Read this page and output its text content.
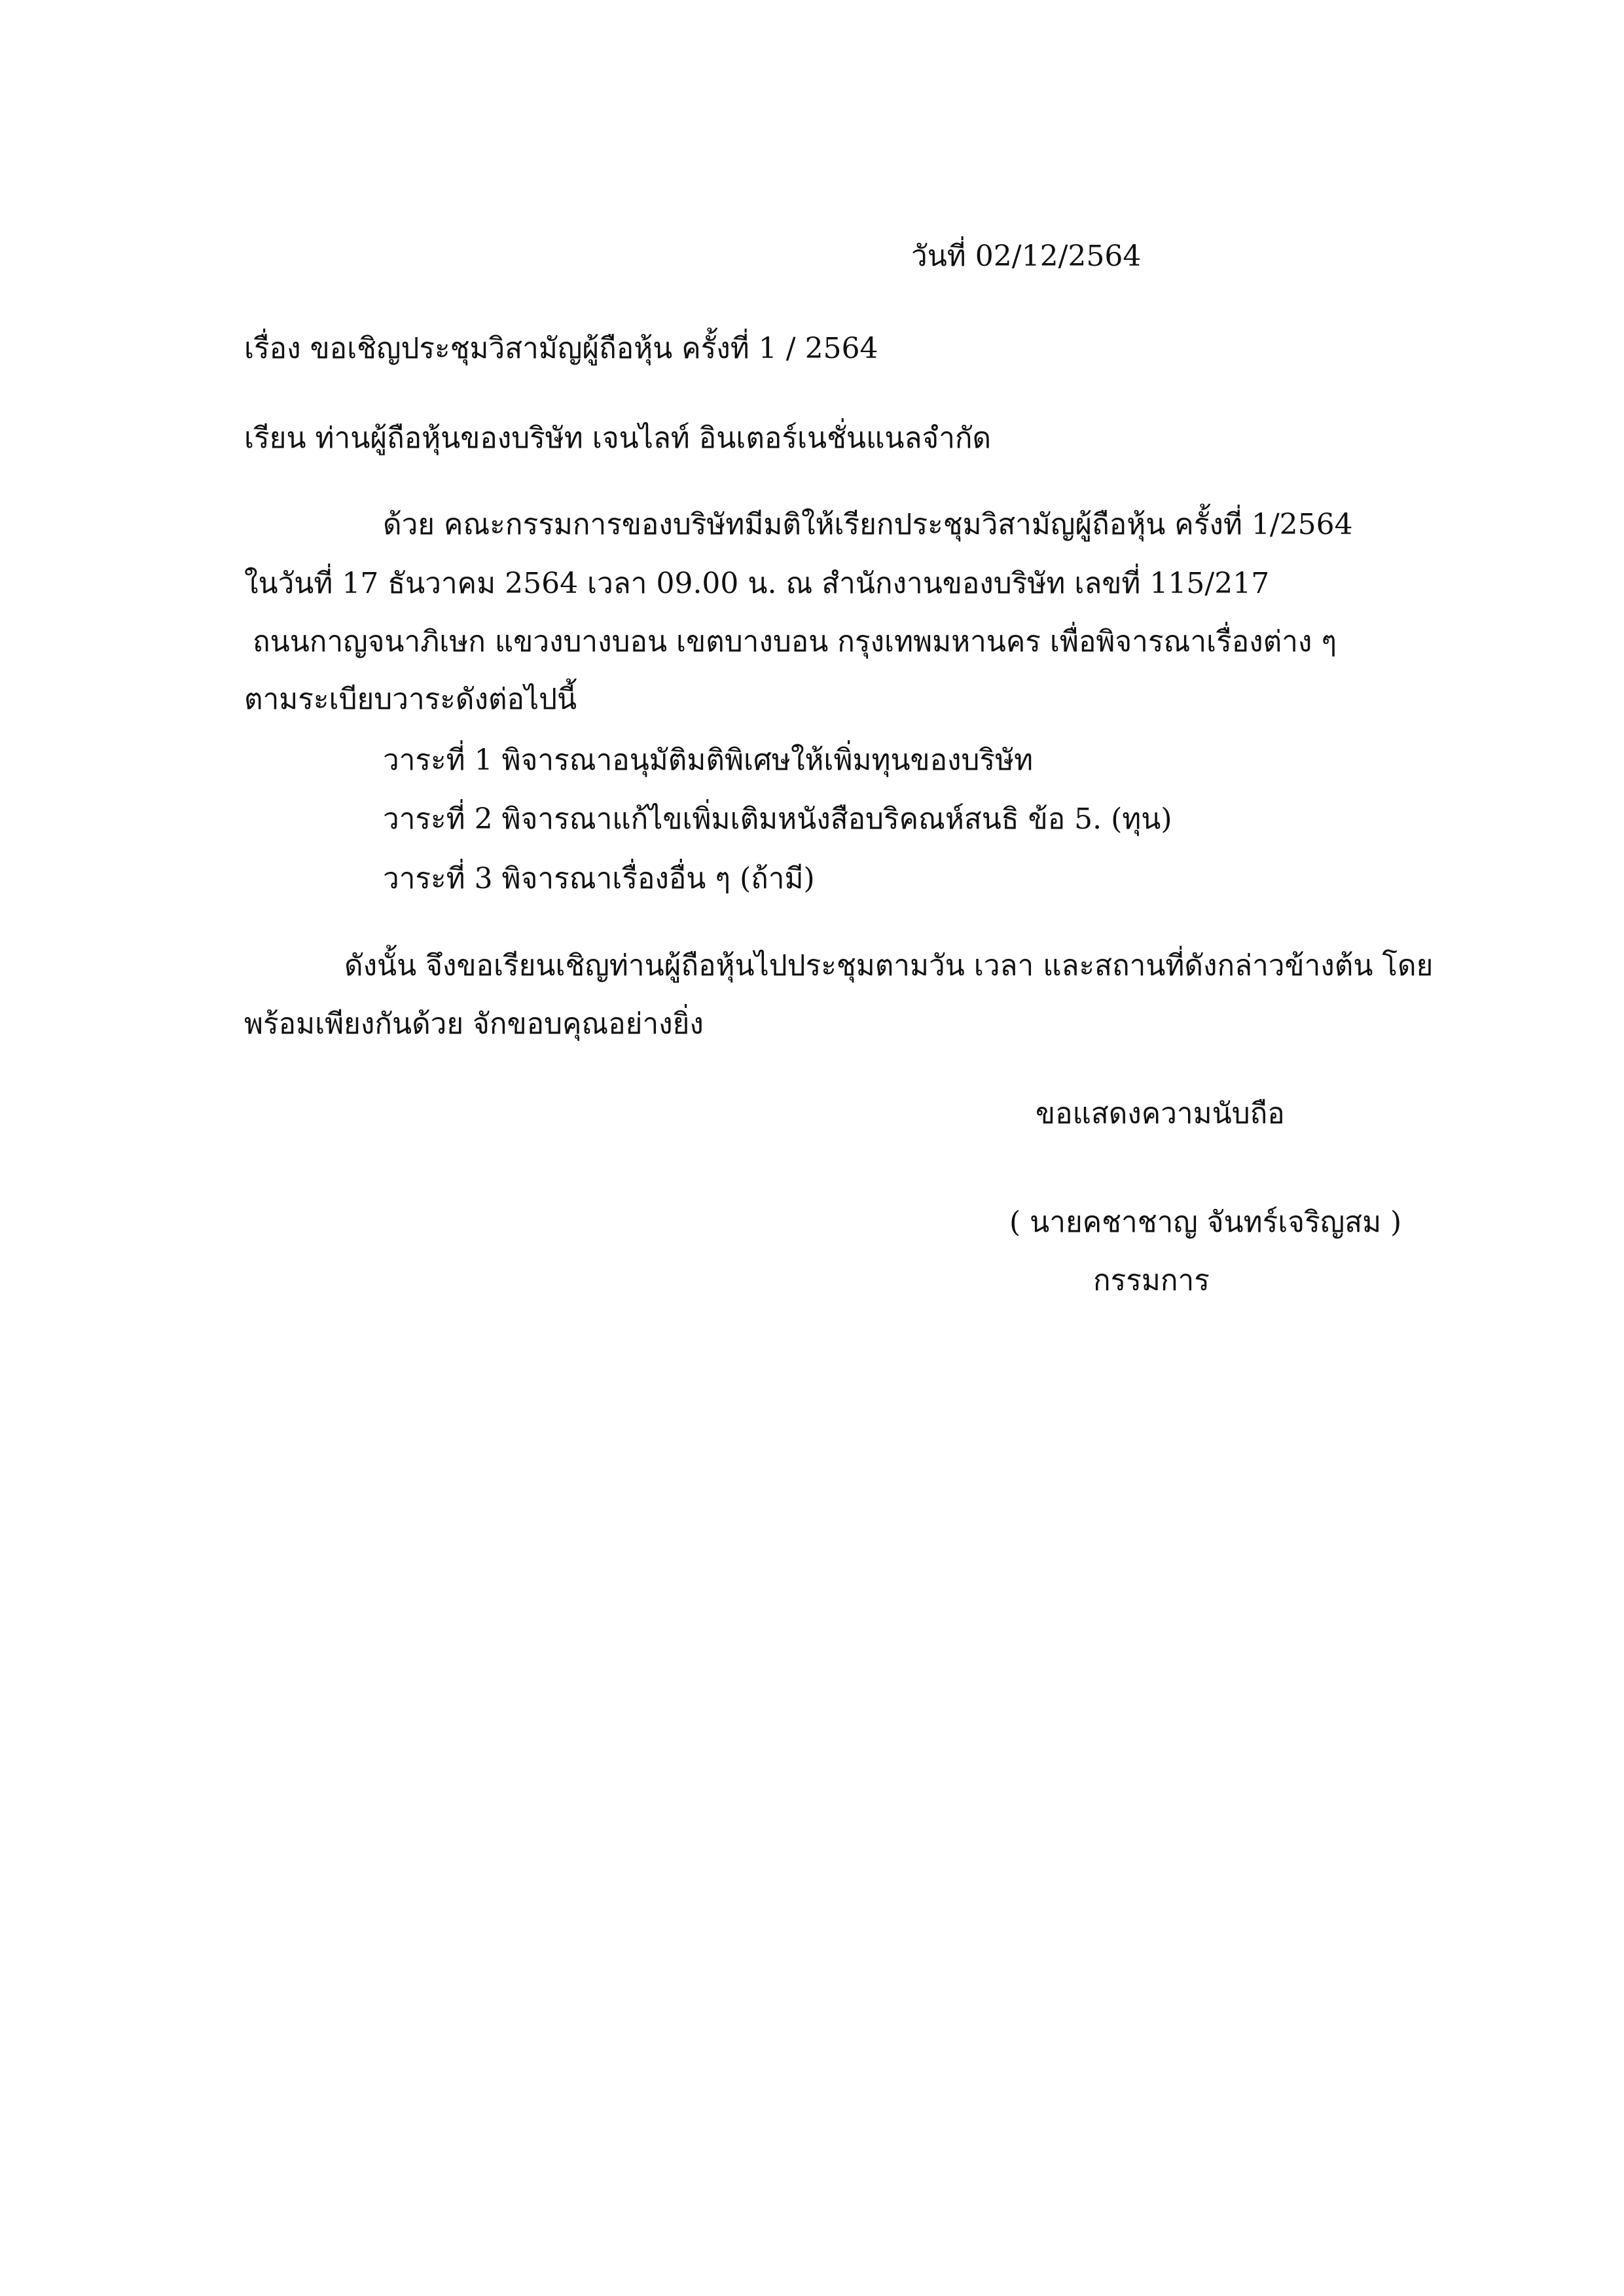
วันที่ 02/12/2564
เรื่อง ขอเชิญประชุมวิสามัญผู้ถือหุ้น ครั้งที่ 1 / 2564
เรียน ท่านผู้ถือหุ้นของบริษัท เจนไลท์ อินเตอร์เนชั่นแนลจำกัด
ด้วย คณะกรรมการของบริษัทมีมติให้เรียกประชุมวิสามัญผู้ถือหุ้น ครั้งที่ 1/2564
ในวันที่ 17 ธันวาคม 2564 เวลา 09.00 น. ณ สำนักงานของบริษัท เลขที่ 115/217
ถนนกาญจนาภิเษก แขวงบางบอน เขตบางบอน กรุงเทพมหานคร เพื่อพิจารณาเรื่องต่าง ๆ
ตามระเบียบวาระดังต่อไปนี้
วาระที่ 1 พิจารณาอนุมัติมติพิเศษให้เพิ่มทุนของบริษัท
วาระที่ 2 พิจารณาแก้ไขเพิ่มเติมหนังสือบริคณห์สนธิ ข้อ 5. (ทุน)
วาระที่ 3 พิจารณาเรื่องอื่น ๆ (ถ้ามี)
ดังนั้น จึงขอเรียนเชิญท่านผู้ถือหุ้นไปประชุมตามวัน เวลา และสถานที่ดังกล่าวข้างต้น โดย
พร้อมเพียงกันด้วย จักขอบคุณอย่างยิ่ง
ขอแสดงความนับถือ
( นายคชาชาญ จันทร์เจริญสม )
กรรมการ
